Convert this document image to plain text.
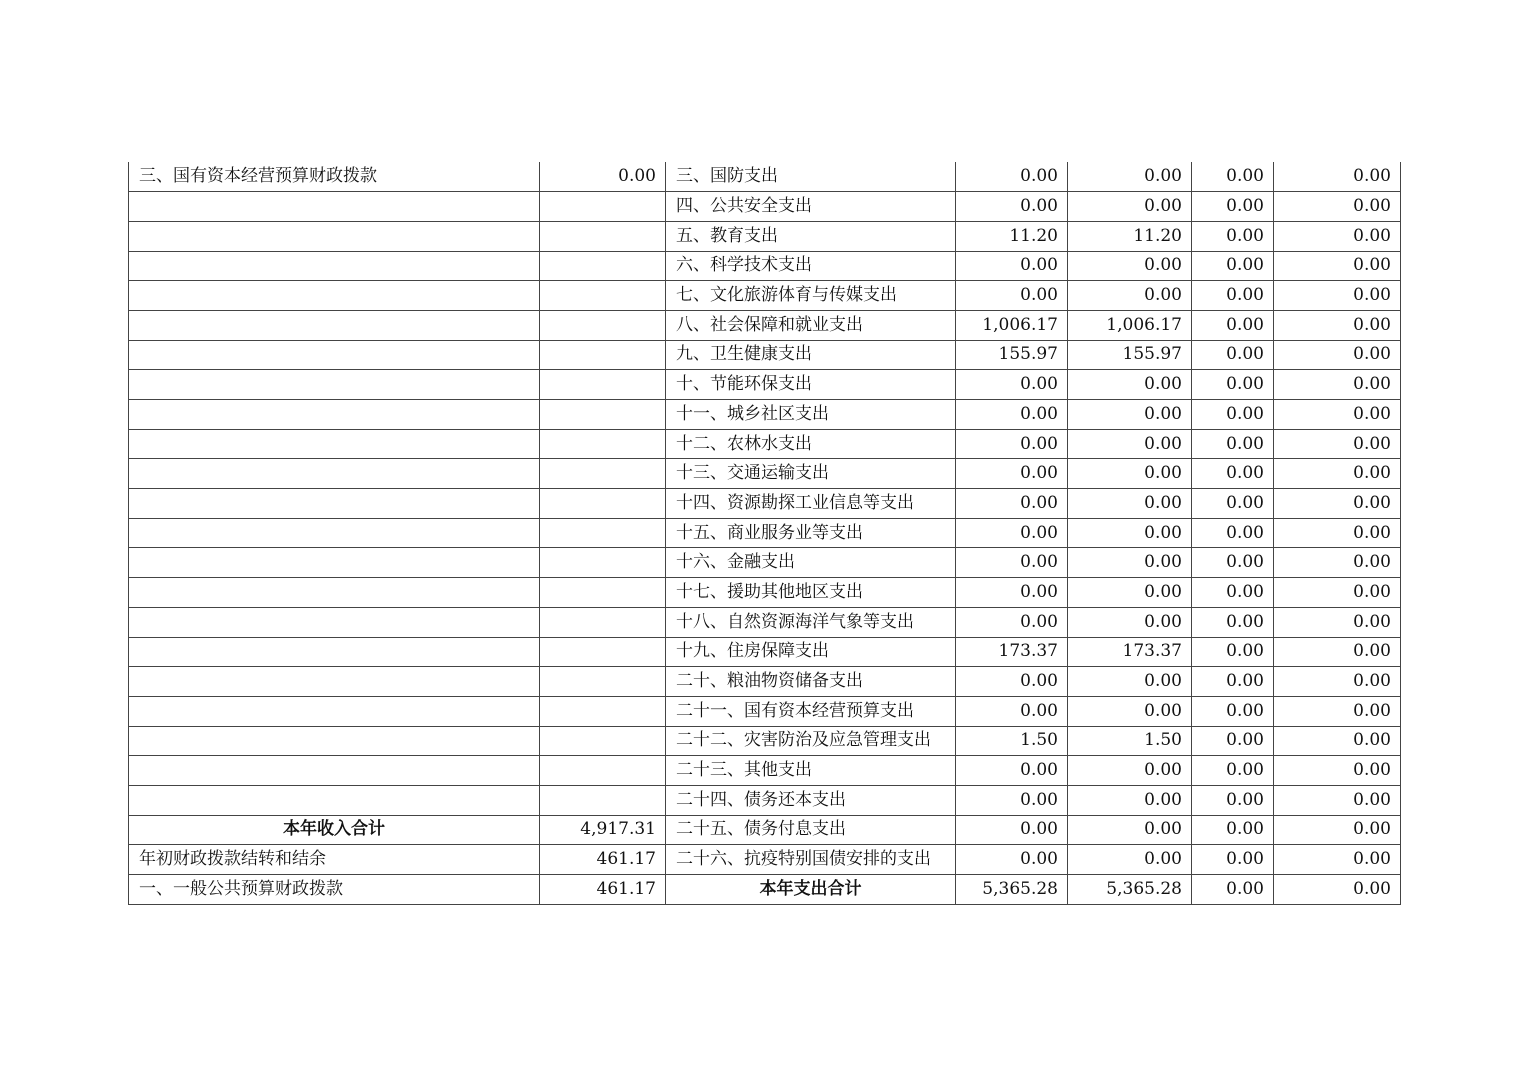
三、国有资本经营预算财政拨款	0.00	三、国防支出	0.00	0.00	0.00	0.00
		四、公共安全支出	0.00	0.00	0.00	0.00
		五、教育支出	11.20	11.20	0.00	0.00
		六、科学技术支出	0.00	0.00	0.00	0.00
		七、文化旅游体育与传媒支出	0.00	0.00	0.00	0.00
		八、社会保障和就业支出	1,006.17	1,006.17	0.00	0.00
		九、卫生健康支出	155.97	155.97	0.00	0.00
		十、节能环保支出	0.00	0.00	0.00	0.00
		十一、城乡社区支出	0.00	0.00	0.00	0.00
		十二、农林水支出	0.00	0.00	0.00	0.00
		十三、交通运输支出	0.00	0.00	0.00	0.00
		十四、资源勘探工业信息等支出	0.00	0.00	0.00	0.00
		十五、商业服务业等支出	0.00	0.00	0.00	0.00
		十六、金融支出	0.00	0.00	0.00	0.00
		十七、援助其他地区支出	0.00	0.00	0.00	0.00
		十八、自然资源海洋气象等支出	0.00	0.00	0.00	0.00
		十九、住房保障支出	173.37	173.37	0.00	0.00
		二十、粮油物资储备支出	0.00	0.00	0.00	0.00
		二十一、国有资本经营预算支出	0.00	0.00	0.00	0.00
		二十二、灾害防治及应急管理支出	1.50	1.50	0.00	0.00
		二十三、其他支出	0.00	0.00	0.00	0.00
		二十四、债务还本支出	0.00	0.00	0.00	0.00
本年收入合计	4,917.31	二十五、债务付息支出	0.00	0.00	0.00	0.00
年初财政拨款结转和结余	461.17	二十六、抗疫特别国债安排的支出	0.00	0.00	0.00	0.00
一、一般公共预算财政拨款	461.17	本年支出合计	5,365.28	5,365.28	0.00	0.00
